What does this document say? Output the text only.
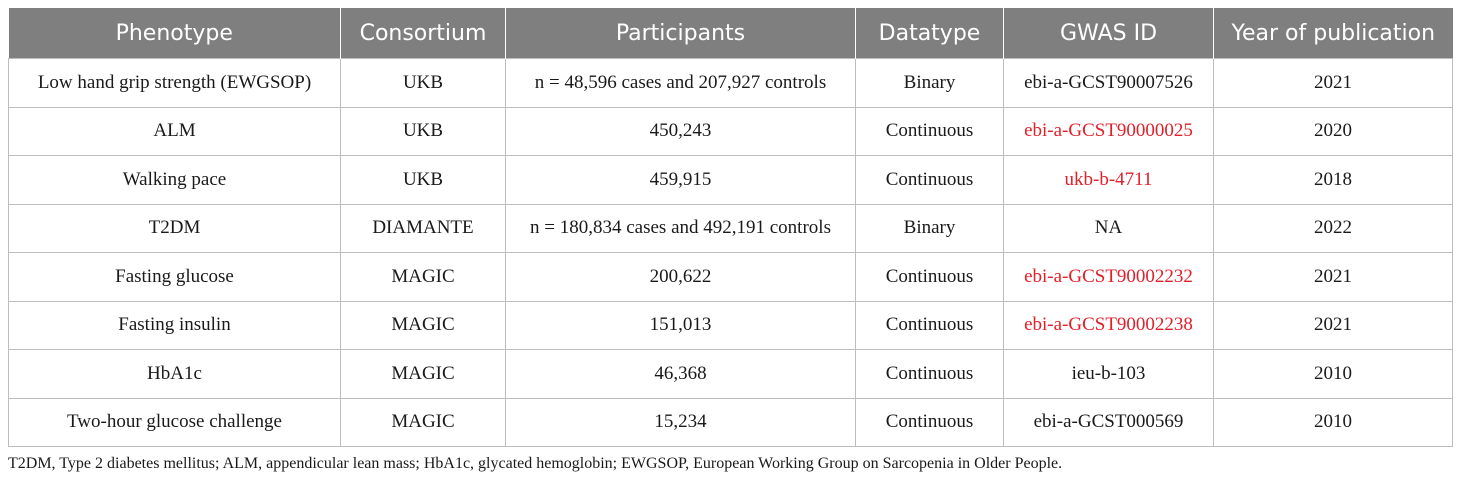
Phenotype	Consortium	Participants	Datatype	GWAS ID	Year of publication
Low hand grip strength (EWGSOP)	UKB	n = 48,596 cases and 207,927 controls	Binary	ebi-a-GCST90007526	2021
ALM	UKB	450,243	Continuous	ebi-a-GCST90000025	2020
Walking pace	UKB	459,915	Continuous	ukb-b-4711	2018
T2DM	DIAMANTE	n = 180,834 cases and 492,191 controls	Binary	NA	2022
Fasting glucose	MAGIC	200,622	Continuous	ebi-a-GCST90002232	2021
Fasting insulin	MAGIC	151,013	Continuous	ebi-a-GCST90002238	2021
HbA1c	MAGIC	46,368	Continuous	ieu-b-103	2010
Two-hour glucose challenge	MAGIC	15,234	Continuous	ebi-a-GCST000569	2010
T2DM, Type 2 diabetes mellitus; ALM, appendicular lean mass; HbA1c, glycated hemoglobin; EWGSOP, European Working Group on Sarcopenia in Older People.
